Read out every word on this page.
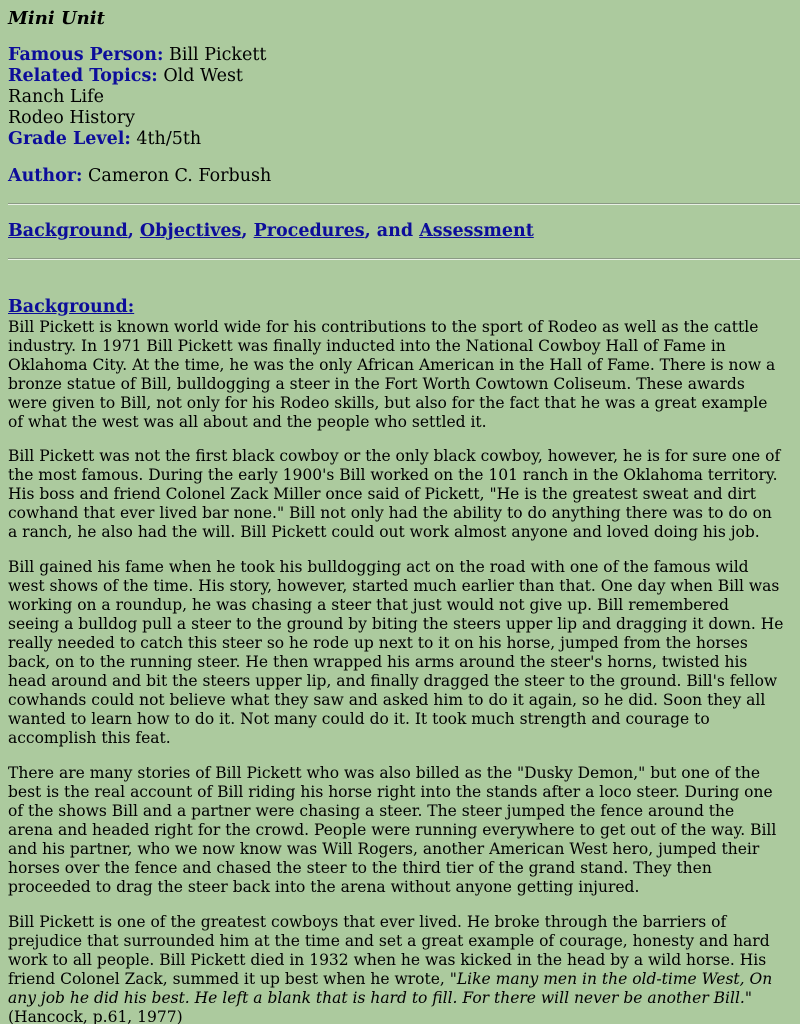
Mini Unit
Famous Person: Bill Pickett
Related Topics: Old West
Ranch Life
Rodeo History
Grade Level: 4th/5th
Author: Cameron C. Forbush
Background, Objectives, Procedures, and Assessment
Background:

Bill Pickett is known world wide for his contributions to the sport of Rodeo as well as the cattle
industry. In 1971 Bill Pickett was finally inducted into the National Cowboy Hall of Fame in
Oklahoma City. At the time, he was the only African American in the Hall of Fame. There is now a
bronze statue of Bill, bulldogging a steer in the Fort Worth Cowtown Coliseum. These awards
were given to Bill, not only for his Rodeo skills, but also for the fact that he was a great example
of what the west was all about and the people who settled it.

Bill Pickett was not the first black cowboy or the only black cowboy, however, he is for sure one of
the most famous. During the early 1900's Bill worked on the 101 ranch in the Oklahoma territory.
His boss and friend Colonel Zack Miller once said of Pickett, "He is the greatest sweat and dirt
cowhand that ever lived bar none." Bill not only had the ability to do anything there was to do on
a ranch, he also had the will. Bill Pickett could out work almost anyone and loved doing his job.

Bill gained his fame when he took his bulldogging act on the road with one of the famous wild
west shows of the time. His story, however, started much earlier than that. One day when Bill was
working on a roundup, he was chasing a steer that just would not give up. Bill remembered
seeing a bulldog pull a steer to the ground by biting the steers upper lip and dragging it down. He
really needed to catch this steer so he rode up next to it on his horse, jumped from the horses
back, on to the running steer. He then wrapped his arms around the steer's horns, twisted his
head around and bit the steers upper lip, and finally dragged the steer to the ground. Bill's fellow
cowhands could not believe what they saw and asked him to do it again, so he did. Soon they all
wanted to learn how to do it. Not many could do it. It took much strength and courage to
accomplish this feat.

There are many stories of Bill Pickett who was also billed as the "Dusky Demon," but one of the
best is the real account of Bill riding his horse right into the stands after a loco steer. During one
of the shows Bill and a partner were chasing a steer. The steer jumped the fence around the
arena and headed right for the crowd. People were running everywhere to get out of the way. Bill
and his partner, who we now know was Will Rogers, another American West hero, jumped their
horses over the fence and chased the steer to the third tier of the grand stand. They then
proceeded to drag the steer back into the arena without anyone getting injured.

Bill Pickett is one of the greatest cowboys that ever lived. He broke through the barriers of
prejudice that surrounded him at the time and set a great example of courage, honesty and hard
work to all people. Bill Pickett died in 1932 when he was kicked in the head by a wild horse. His
friend Colonel Zack, summed it up best when he wrote, "Like many men in the old-time West, On
any job he did his best. He left a blank that is hard to fill. For there will never be another Bill."
(Hancock, p.61, 1977)
